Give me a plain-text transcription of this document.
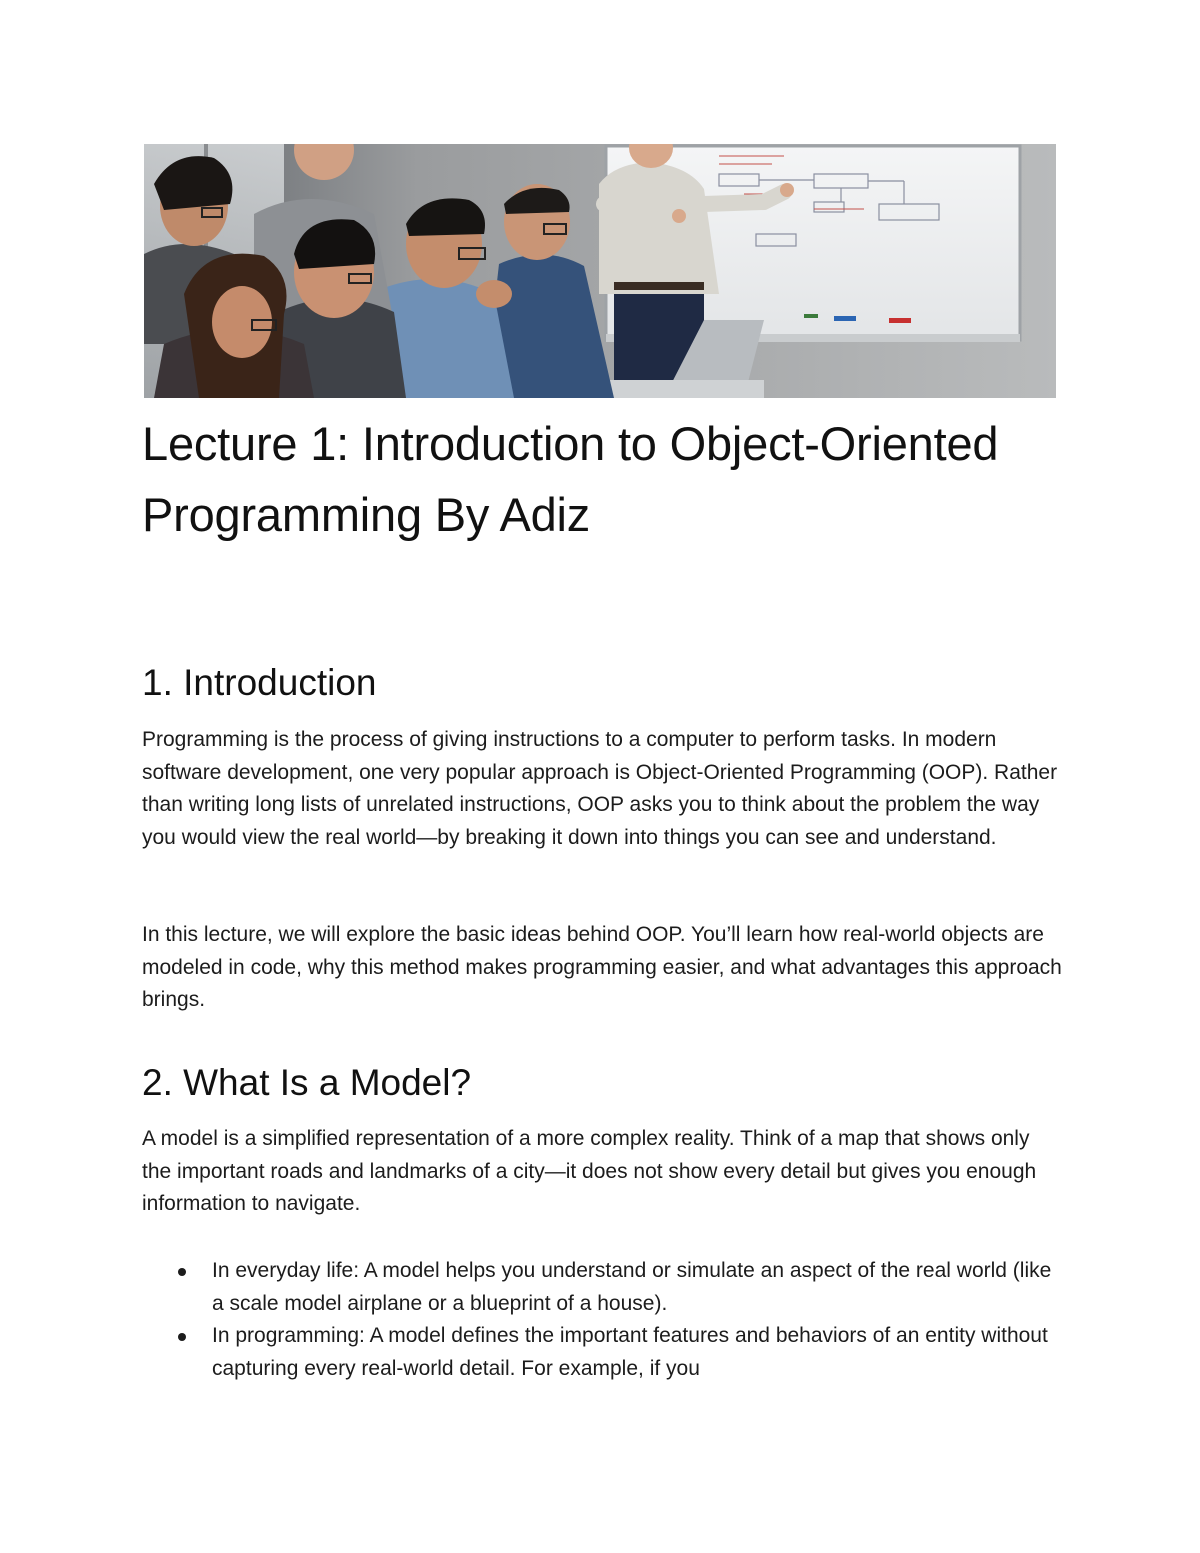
Lecture 1: Introduction to Object-Oriented Programming By Adiz
1. Introduction

Programming is the process of giving instructions to a computer to perform tasks. In modern software development, one very popular approach is Object-Oriented Programming (OOP). Rather than writing long lists of unrelated instructions, OOP asks you to think about the problem the way you would view the real world—by breaking it down into things you can see and understand.

In this lecture, we will explore the basic ideas behind OOP. You’ll learn how real-world objects are modeled in code, why this method makes programming easier, and what advantages this approach brings.

2. What Is a Model?

A model is a simplified representation of a more complex reality. Think of a map that shows only the important roads and landmarks of a city—it does not show every detail but gives you enough information to navigate.

In everyday life: A model helps you understand or simulate an aspect of the real world (like a scale model airplane or a blueprint of a house).
In programming: A model defines the important features and behaviors of an entity without capturing every real-world detail. For example, if you
